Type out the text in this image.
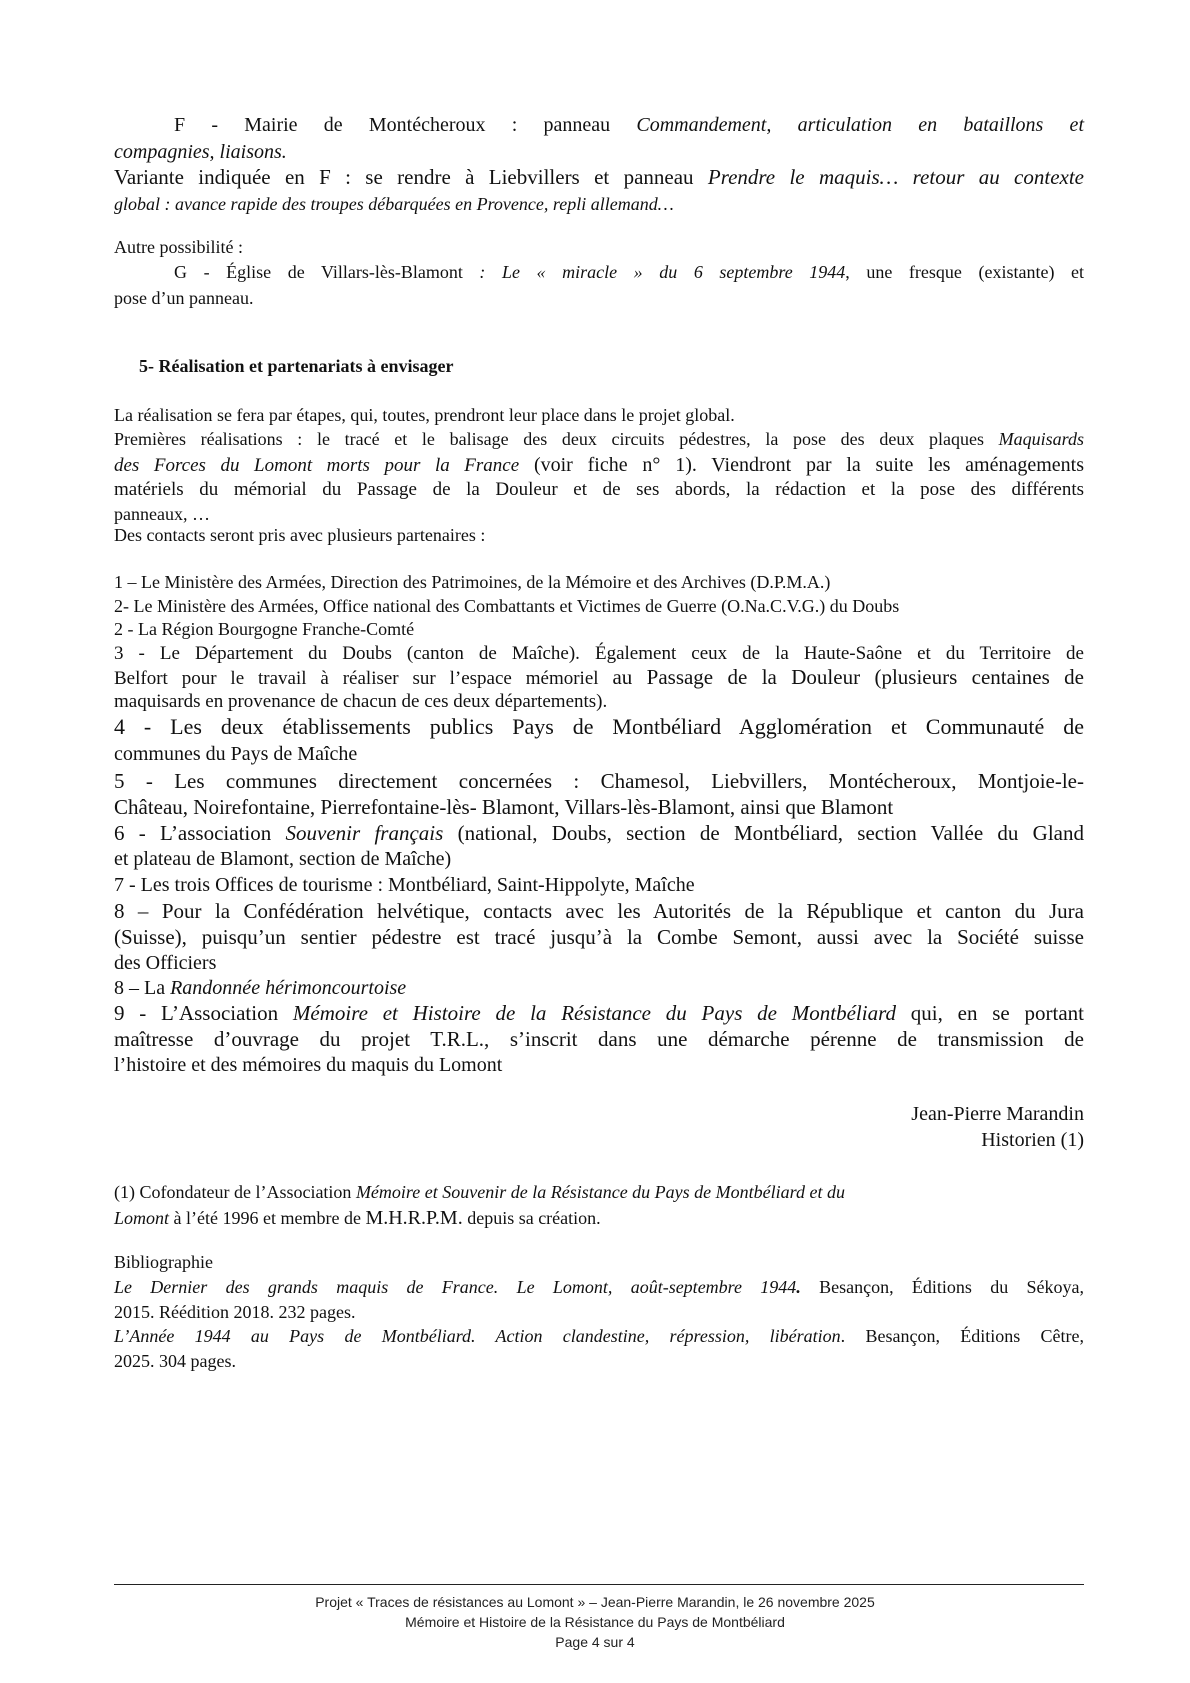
F - Mairie de Montécheroux : panneau Commandement, articulation en bataillons et
compagnies, liaisons.
Variante indiquée en F : se rendre à Liebvillers et panneau Prendre le maquis… retour au contexte
global : avance rapide des troupes débarquées en Provence, repli allemand…
Autre possibilité :
G - Église de Villars-lès-Blamont : Le « miracle » du 6 septembre 1944, une fresque (existante) et
pose d’un panneau.
5- Réalisation et partenariats à envisager
La réalisation se fera par étapes, qui, toutes, prendront leur place dans le projet global.
Premières réalisations : le tracé et le balisage des deux circuits pédestres, la pose des deux plaques Maquisards
des Forces du Lomont morts pour la France (voir fiche n° 1). Viendront par la suite les aménagements
matériels du mémorial du Passage de la Douleur et de ses abords, la rédaction et la pose des différents
panneaux, …
Des contacts seront pris avec plusieurs partenaires :
1 – Le Ministère des Armées, Direction des Patrimoines, de la Mémoire et des Archives (D.P.M.A.)
2- Le Ministère des Armées, Office national des Combattants et Victimes de Guerre (O.Na.C.V.G.) du Doubs
2 - La Région Bourgogne Franche-Comté
3 - Le Département du Doubs (canton de Maîche). Également ceux de la Haute-Saône et du Territoire de
Belfort pour le travail à réaliser sur l’espace mémoriel au Passage de la Douleur (plusieurs centaines de
maquisards en provenance de chacun de ces deux départements).
4 - Les deux établissements publics Pays de Montbéliard Agglomération et Communauté de
communes du Pays de Maîche
5 - Les communes directement concernées : Chamesol, Liebvillers, Montécheroux, Montjoie-le-
Château, Noirefontaine, Pierrefontaine-lès- Blamont, Villars-lès-Blamont, ainsi que Blamont
6 - L’association Souvenir français (national, Doubs, section de Montbéliard, section Vallée du Gland
et plateau de Blamont, section de Maîche)
7 - Les trois Offices de tourisme : Montbéliard, Saint-Hippolyte, Maîche
8 – Pour la Confédération helvétique, contacts avec les Autorités de la République et canton du Jura
(Suisse), puisqu’un sentier pédestre est tracé jusqu’à la Combe Semont, aussi avec la Société suisse
des Officiers
8 – La Randonnée hérimoncourtoise
9 - L’Association Mémoire et Histoire de la Résistance du Pays de Montbéliard qui, en se portant
maîtresse d’ouvrage du projet T.R.L., s’inscrit dans une démarche pérenne de transmission de
l’histoire et des mémoires du maquis du Lomont
Jean-Pierre Marandin
Historien (1)
(1) Cofondateur de l’Association Mémoire et Souvenir de la Résistance du Pays de Montbéliard et du
Lomont à l’été 1996 et membre de M.H.R.P.M. depuis sa création.
Bibliographie
Le Dernier des grands maquis de France. Le Lomont, août-septembre 1944. Besançon, Éditions du Sékoya,
2015. Réédition 2018. 232 pages.
L’Année 1944 au Pays de Montbéliard. Action clandestine, répression, libération. Besançon, Éditions Cêtre,
2025. 304 pages.
Projet « Traces de résistances au Lomont » – Jean-Pierre Marandin, le 26 novembre 2025
Mémoire et Histoire de la Résistance du Pays de Montbéliard
Page 4 sur 4
